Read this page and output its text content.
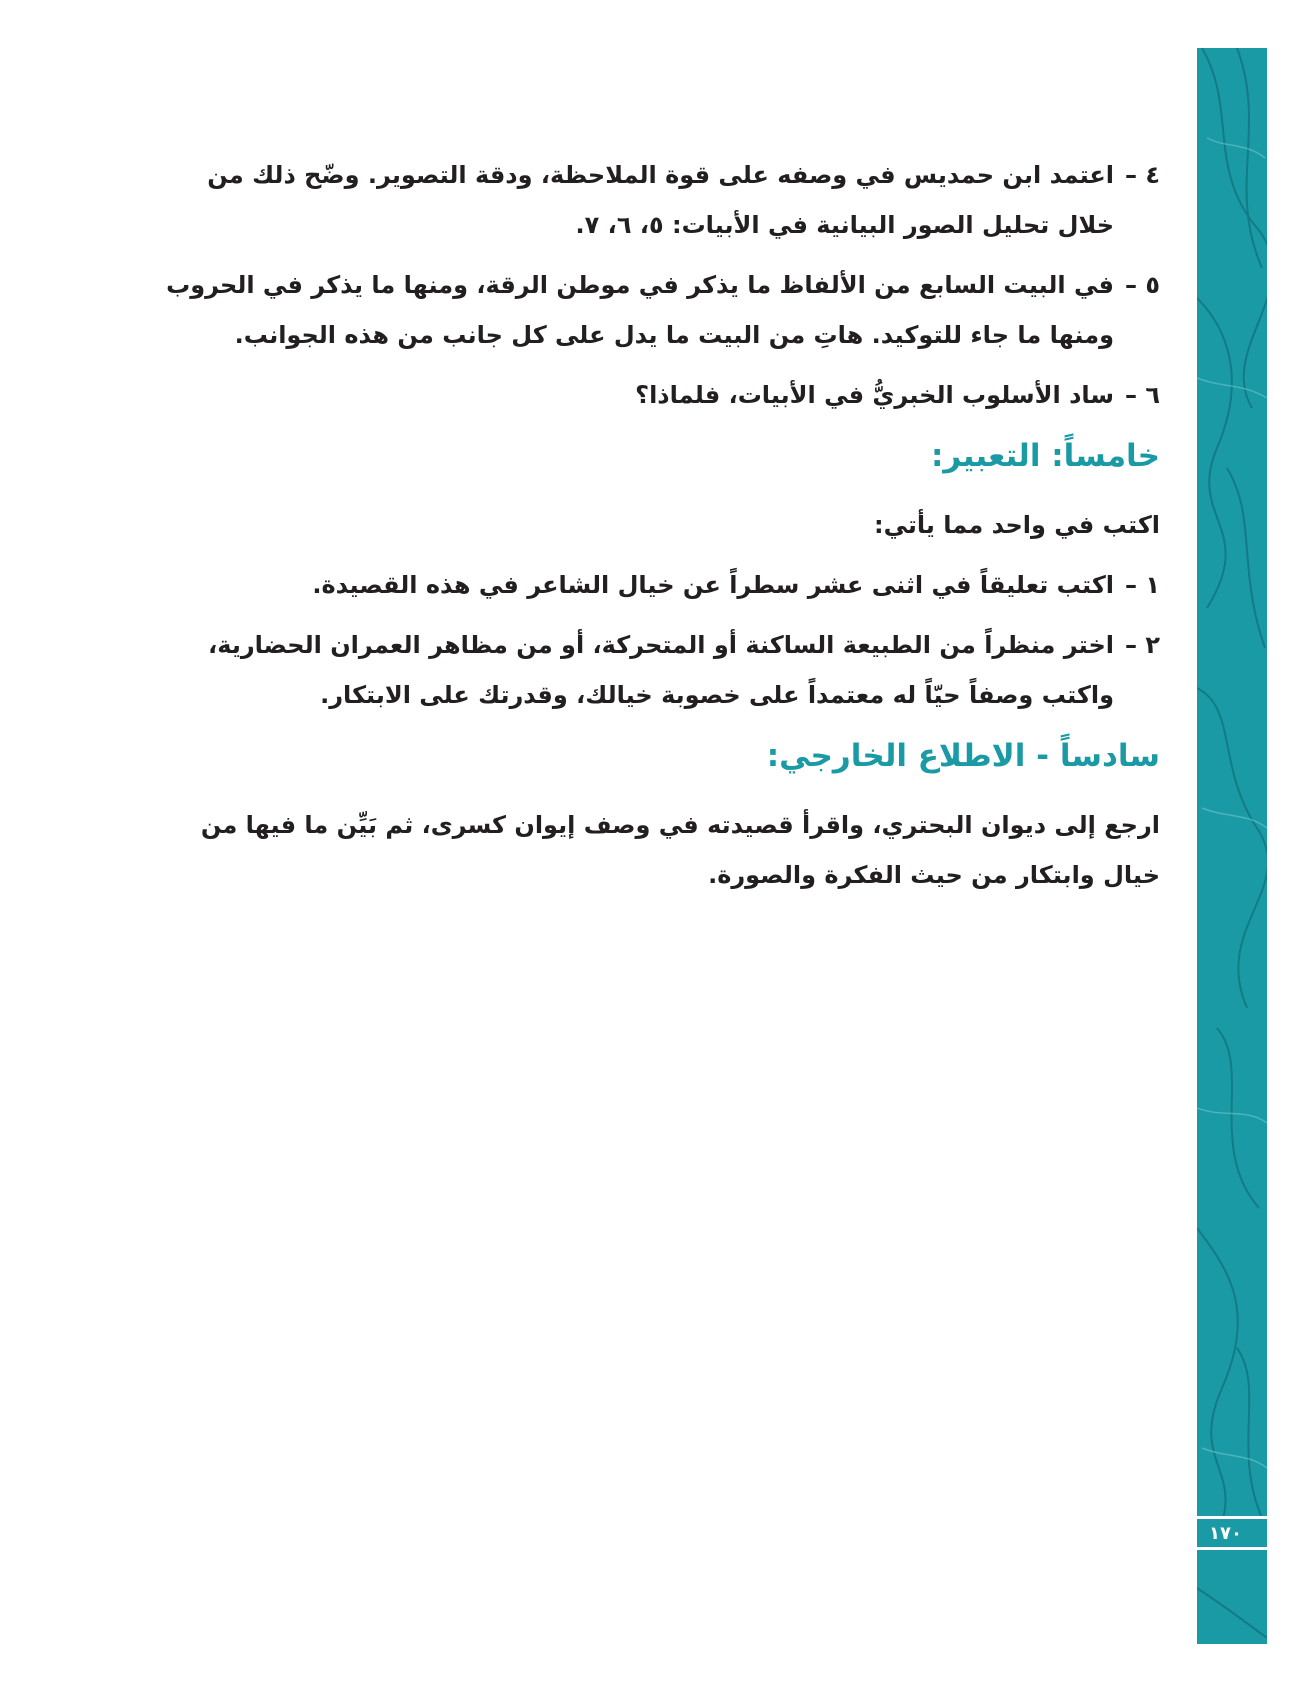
١٧٠
٤ –
اعتمد ابن حمديس في وصفه على قوة الملاحظة، ودقة التصوير. وضّح ذلك من خلال تحليل الصور البيانية في الأبيات: ٥، ٦، ٧.
٥ –
في البيت السابع من الألفاظ ما يذكر في موطن الرقة، ومنها ما يذكر في الحروب ومنها ما جاء للتوكيد. هاتِ من البيت ما يدل على كل جانب من هذه الجوانب.
٦ –
ساد الأسلوب الخبريُّ في الأبيات، فلماذا؟
خامساً: التعبير:
اكتب في واحد مما يأتي:
١ –
اكتب تعليقاً في اثنى عشر سطراً عن خيال الشاعر في هذه القصيدة.
٢ –
اختر منظراً من الطبيعة الساكنة أو المتحركة، أو من مظاهر العمران الحضارية، واكتب وصفاً حيّاً له معتمداً على خصوبة خيالك، وقدرتك على الابتكار.
سادساً - الاطلاع الخارجي:
ارجع إلى ديوان البحتري، واقرأ قصيدته في وصف إيوان كسرى، ثم بَيِّن ما فيها من خيال وابتكار من حيث الفكرة والصورة.
